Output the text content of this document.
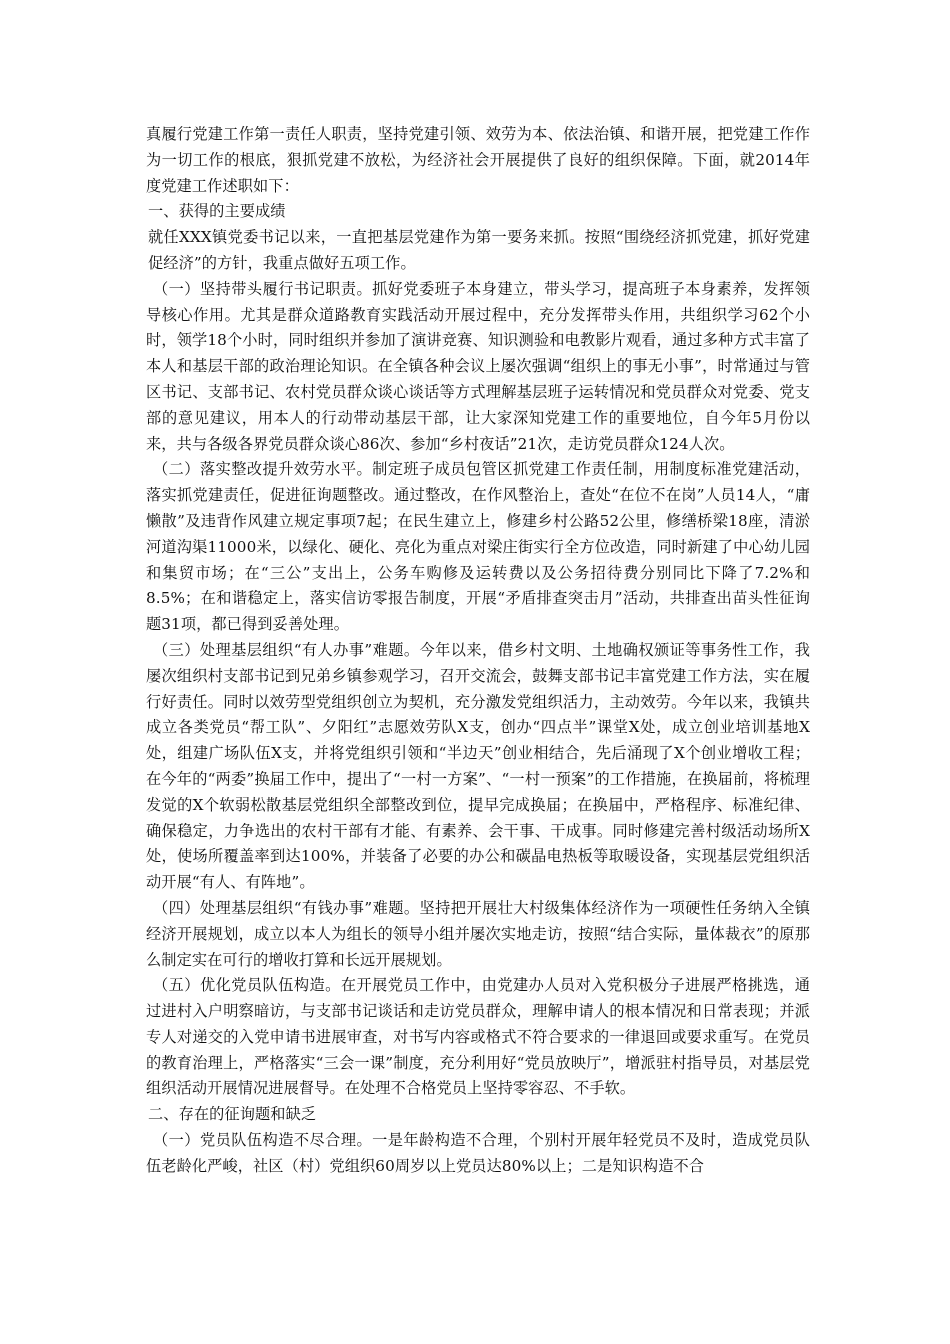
真履行党建工作第一责任人职责，坚持党建引领、效劳为本、依法治镇、和谐开展，把党建工作作为一切工作的根底，狠抓党建不放松，为经济社会开展提供了良好的组织保障。下面，就2014年度党建工作述职如下：

一、获得的主要成绩

就任XXX镇党委书记以来，一直把基层党建作为第一要务来抓。按照“围绕经济抓党建，抓好党建促经济”的方针，我重点做好五项工作。

（一）坚持带头履行书记职责。抓好党委班子本身建立，带头学习，提高班子本身素养，发挥领导核心作用。尤其是群众道路教育实践活动开展过程中，充分发挥带头作用，共组织学习62个小时，领学18个小时，同时组织并参加了演讲竞赛、知识测验和电教影片观看，通过多种方式丰富了本人和基层干部的政治理论知识。在全镇各种会议上屡次强调“组织上的事无小事”，时常通过与管区书记、支部书记、农村党员群众谈心谈话等方式理解基层班子运转情况和党员群众对党委、党支部的意见建议，用本人的行动带动基层干部，让大家深知党建工作的重要地位，自今年5月份以来，共与各级各界党员群众谈心86次、参加“乡村夜话”21次，走访党员群众124人次。

（二）落实整改提升效劳水平。制定班子成员包管区抓党建工作责任制，用制度标准党建活动，落实抓党建责任，促进征询题整改。通过整改，在作风整治上，查处“在位不在岗”人员14人，“庸懒散”及违背作风建立规定事项7起；在民生建立上，修建乡村公路52公里，修缮桥梁18座，清淤河道沟渠11000米，以绿化、硬化、亮化为重点对梁庄街实行全方位改造，同时新建了中心幼儿园和集贸市场；在“三公”支出上，公务车购修及运转费以及公务招待费分别同比下降了7.2%和8.5%；在和谐稳定上，落实信访零报告制度，开展“矛盾排查突击月”活动，共排查出苗头性征询题31项，都已得到妥善处理。

（三）处理基层组织“有人办事”难题。今年以来，借乡村文明、土地确权颁证等事务性工作，我屡次组织村支部书记到兄弟乡镇参观学习，召开交流会，鼓舞支部书记丰富党建工作方法，实在履行好责任。同时以效劳型党组织创立为契机，充分激发党组织活力，主动效劳。今年以来，我镇共成立各类党员“帮工队”、夕阳红”志愿效劳队X支，创办“四点半”课堂X处，成立创业培训基地X处，组建广场队伍X支，并将党组织引领和“半边天”创业相结合，先后涌现了X个创业增收工程；在今年的“两委”换届工作中，提出了“一村一方案”、“一村一预案”的工作措施，在换届前，将梳理发觉的X个软弱松散基层党组织全部整改到位，提早完成换届；在换届中，严格程序、标准纪律、确保稳定，力争选出的农村干部有才能、有素养、会干事、干成事。同时修建完善村级活动场所X处，使场所覆盖率到达100%，并装备了必要的办公和碳晶电热板等取暖设备，实现基层党组织活动开展“有人、有阵地”。

（四）处理基层组织“有钱办事”难题。坚持把开展壮大村级集体经济作为一项硬性任务纳入全镇经济开展规划，成立以本人为组长的领导小组并屡次实地走访，按照“结合实际，量体裁衣”的原那么制定实在可行的增收打算和长远开展规划。

（五）优化党员队伍构造。在开展党员工作中，由党建办人员对入党积极分子进展严格挑选，通过进村入户明察暗访，与支部书记谈话和走访党员群众，理解申请人的根本情况和日常表现；并派专人对递交的入党申请书进展审查，对书写内容或格式不符合要求的一律退回或要求重写。在党员的教育治理上，严格落实“三会一课”制度，充分利用好“党员放映厅”，增派驻村指导员，对基层党组织活动开展情况进展督导。在处理不合格党员上坚持零容忍、不手软。

二、存在的征询题和缺乏

（一）党员队伍构造不尽合理。一是年龄构造不合理，个别村开展年轻党员不及时，造成党员队伍老龄化严峻，社区（村）党组织60周岁以上党员达80%以上；二是知识构造不合
